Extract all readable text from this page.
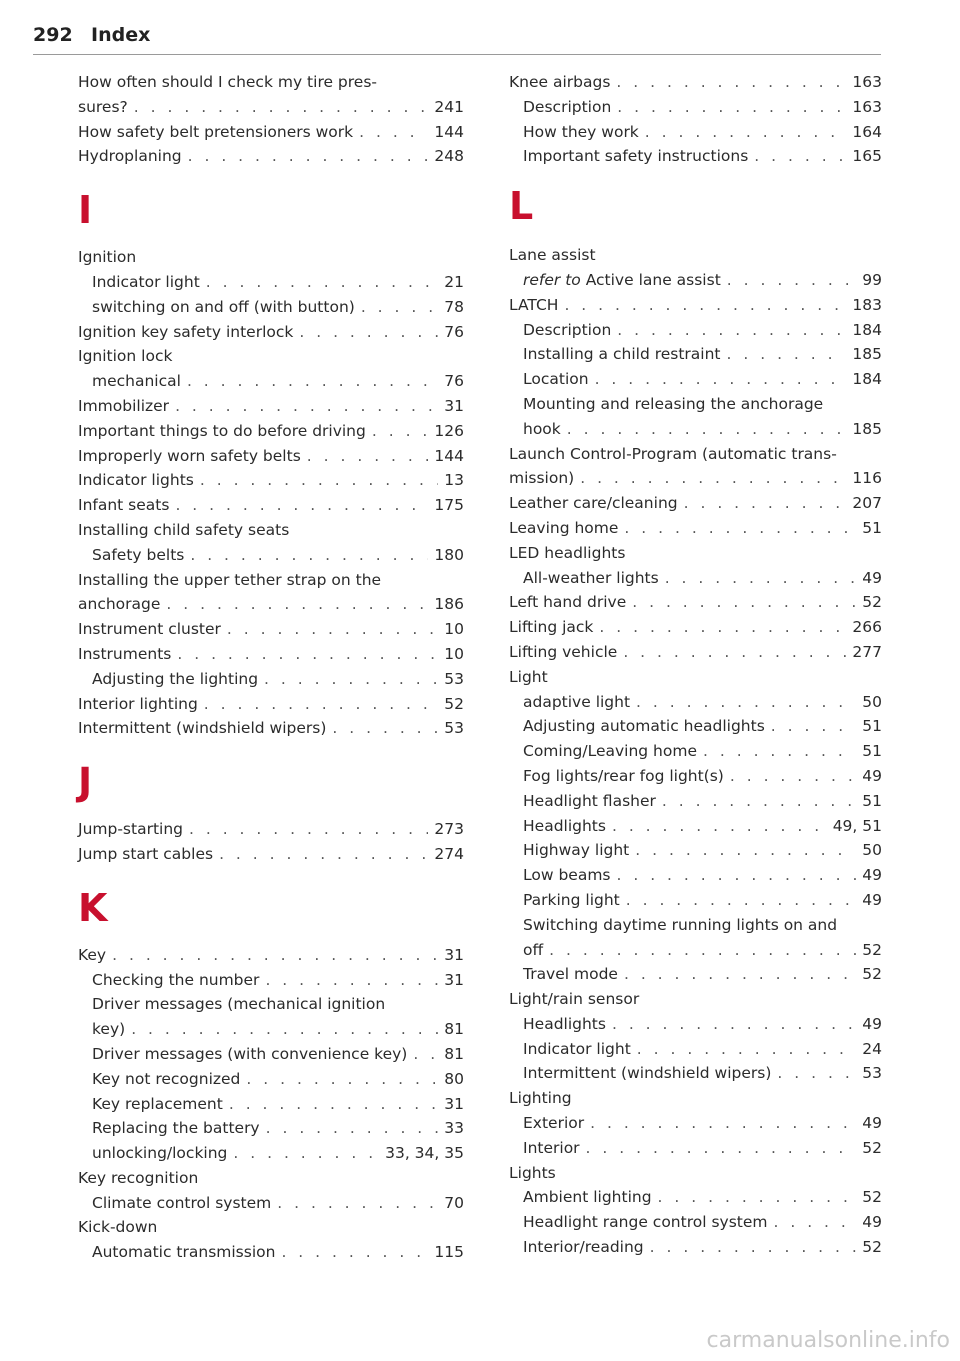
292 Index
How often should I check my tire pres-
sures? . . .	241
How safety belt pretensioners work . . .	144
Hydroplaning . . .	248
I
Ignition
Indicator light . . .	21
switching on and off (with button) . . .	78
Ignition key safety interlock . . .	76
Ignition lock
mechanical . . .	76
Immobilizer . . .	31
Important things to do before driving . . .	126
Improperly worn safety belts . . .	144
Indicator lights . . .	13
Infant seats . . .	175
Installing child safety seats
Safety belts . . .	180
Installing the upper tether strap on the
anchorage . . .	186
Instrument cluster . . .	10
Instruments . . .	10
Adjusting the lighting . . .	53
Interior lighting . . .	52
Intermittent (windshield wipers) . . .	53
J
Jump-starting . . .	273
Jump start cables . . .	274
K
Key . . .	31
Checking the number . . .	31
Driver messages (mechanical ignition
key) . . .	81
Driver messages (with convenience key) . . . 81
Key not recognized . . .	80
Key replacement . . .	31
Replacing the battery . . .	33
unlocking/locking . . .	33, 34, 35
Key recognition
Climate control system . . .	70
Kick-down
Automatic transmission . . .	115
Knee airbags . . .	163
Description . . .	163
How they work . . .	164
Important safety instructions . . .	165
L
Lane assist
refer to Active lane assist . . .	99
LATCH . . .	183
Description . . .	184
Installing a child restraint . . .	185
Location . . .	184
Mounting and releasing the anchorage
hook . . .	185
Launch Control-Program (automatic trans-
mission) . . .	116
Leather care/cleaning . . .	207
Leaving home . . .	51
LED headlights
All-weather lights . . .	49
Left hand drive . . .	52
Lifting jack . . .	266
Lifting vehicle . . .	277
Light
adaptive light . . .	50
Adjusting automatic headlights . . .	51
Coming/Leaving home . . .	51
Fog lights/rear fog light(s) . . .	49
Headlight flasher . . .	51
Headlights . . .	49, 51
Highway light . . .	50
Low beams . . .	49
Parking light . . .	49
Switching daytime running lights on and
off . . .	52
Travel mode . . .	52
Light/rain sensor
Headlights . . .	49
Indicator light . . .	24
Intermittent (windshield wipers) . . .	53
Lighting
Exterior . . .	49
Interior . . .	52
Lights
Ambient lighting . . .	52
Headlight range control system . . .	49
Interior/reading . . .	52
carmanualsonline.info
